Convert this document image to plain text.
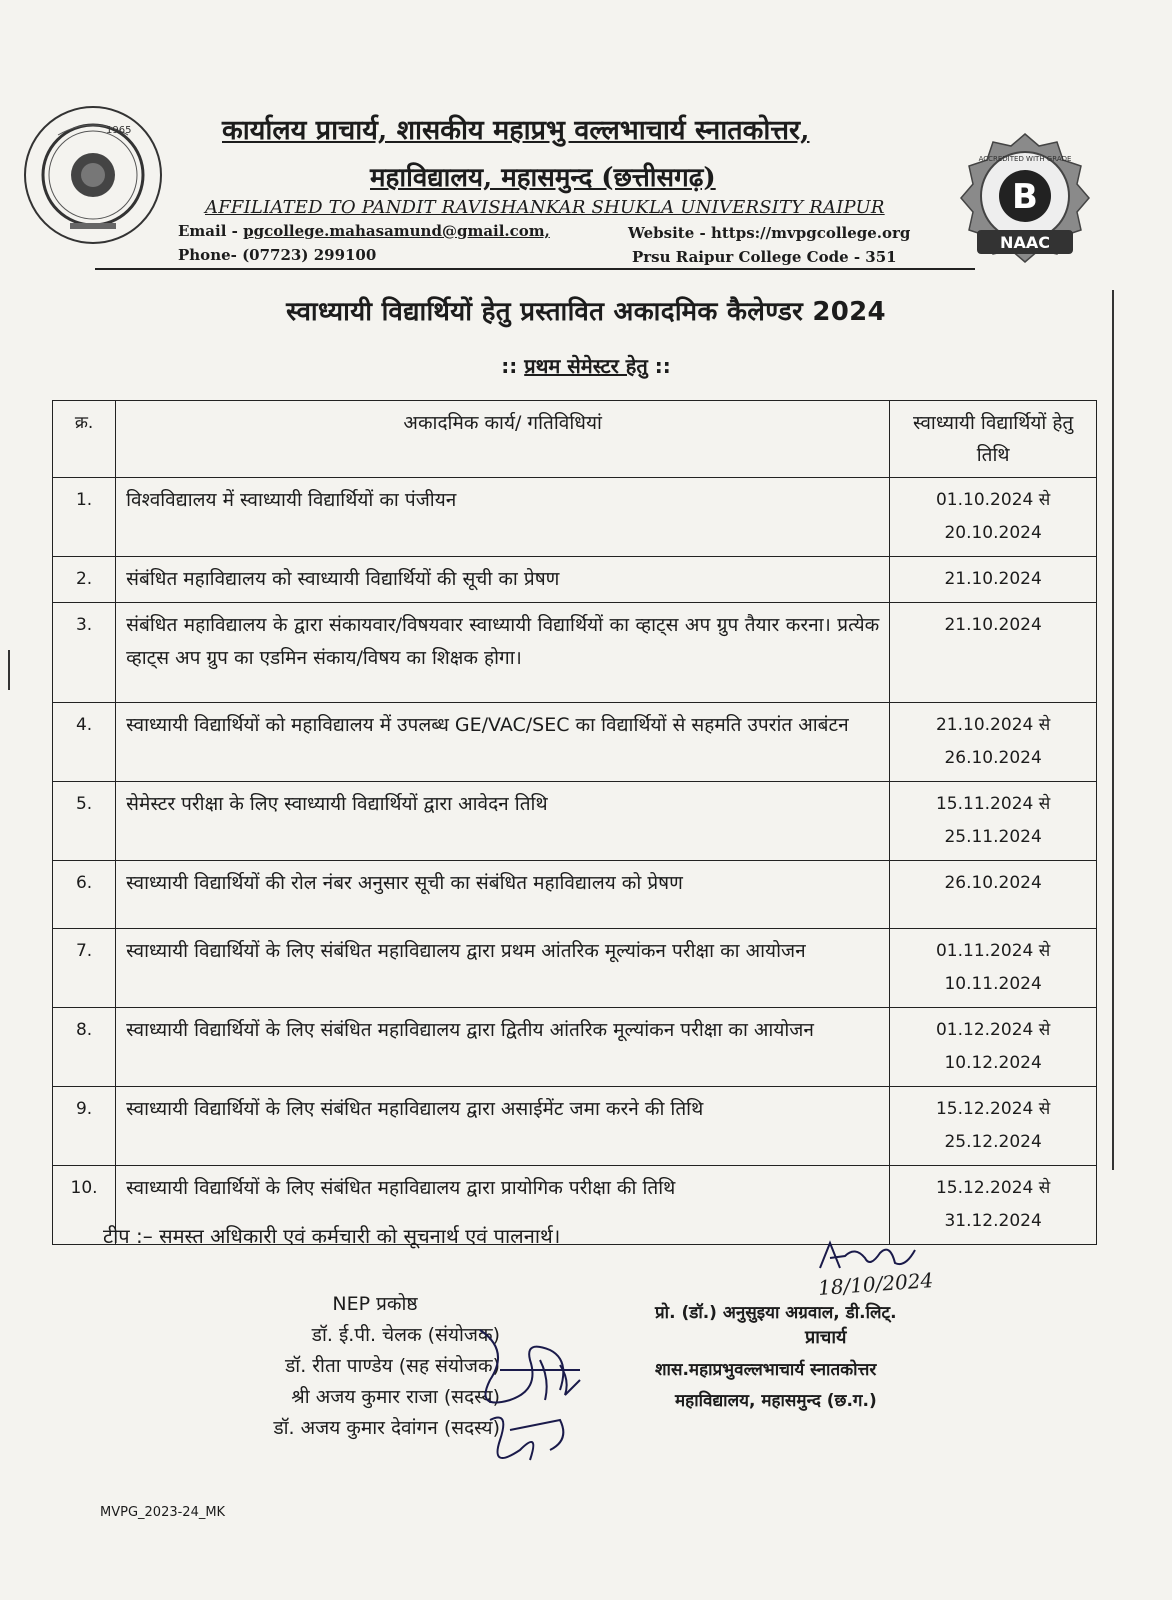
1965	कार्यालय प्राचार्य, शासकीय महाप्रभु वल्लभाचार्य स्नातकोत्तर,
महाविद्यालय, महासमुन्द (छत्तीसगढ़)
AFFILIATED TO PANDIT RAVISHANKAR SHUKLA UNIVERSITY RAIPUR
Email - pgcollege.mahasamund@gmail.com,
Phone- (07723) 299100
Website - https://mvpgcollege.org
Prsu Raipur College Code - 351
B
ACCREDITED WITH GRADE
NAAC
स्वाध्यायी विद्यार्थियों हेतु प्रस्तावित अकादमिक कैलेण्डर 2024
:: प्रथम सेमेस्टर हेतु ::
क्र.	अकादमिक कार्य/ गतिविधियां	स्वाध्यायी विद्यार्थियों हेतु तिथि
1.	विश्वविद्यालय में स्वाध्यायी विद्यार्थियों का पंजीयन	01.10.2024 से
20.10.2024

2.	संबंधित महाविद्यालय को स्वाध्यायी विद्यार्थियों की सूची का प्रेषण	21.10.2024

3.	संबंधित महाविद्यालय के द्वारा संकायवार/विषयवार स्वाध्यायी विद्यार्थियों का व्हाट्स अप ग्रुप तैयार करना। प्रत्येक व्हाट्स अप ग्रुप का एडमिन संकाय/विषय का शिक्षक होगा।	21.10.2024

4.	स्वाध्यायी विद्यार्थियों को महाविद्यालय में उपलब्ध GE/VAC/SEC का विद्यार्थियों से सहमति उपरांत आबंटन	21.10.2024 से
26.10.2024

5.	सेमेस्टर परीक्षा के लिए स्वाध्यायी विद्यार्थियों द्वारा आवेदन तिथि	15.11.2024 से
25.11.2024

6.	स्वाध्यायी विद्यार्थियों की रोल नंबर अनुसार सूची का संबंधित महाविद्यालय को प्रेषण	26.10.2024

7.	स्वाध्यायी विद्यार्थियों के लिए संबंधित महाविद्यालय द्वारा प्रथम आंतरिक मूल्यांकन परीक्षा का आयोजन	01.11.2024 से
10.11.2024

8.	स्वाध्यायी विद्यार्थियों के लिए संबंधित महाविद्यालय द्वारा द्वितीय आंतरिक मूल्यांकन परीक्षा का आयोजन	01.12.2024 से
10.12.2024

9.	स्वाध्यायी विद्यार्थियों के लिए संबंधित महाविद्यालय द्वारा असाईमेंट जमा करने की तिथि	15.12.2024 से
25.12.2024

10.	स्वाध्यायी विद्यार्थियों के लिए संबंधित महाविद्यालय द्वारा प्रायोगिक परीक्षा की तिथि	15.12.2024 से
31.12.2024
टीप :– समस्त अधिकारी एवं कर्मचारी को सूचनार्थ एवं पालनार्थ।
NEP प्रकोष्ठ
डॉ. ई.पी. चेलक (संयोजक)
डॉ. रीता पाण्डेय (सह संयोजक)
श्री अजय कुमार राजा (सदस्य)
डॉ. अजय कुमार देवांगन (सदस्य)
18/10/2024
प्रो. (डॉ.) अनुसुइया अग्रवाल, डी.लिट्.
प्राचार्य
शास.महाप्रभुवल्लभाचार्य स्नातकोत्तर
महाविद्यालय, महासमुन्द (छ.ग.)
MVPG_2023-24_MK
